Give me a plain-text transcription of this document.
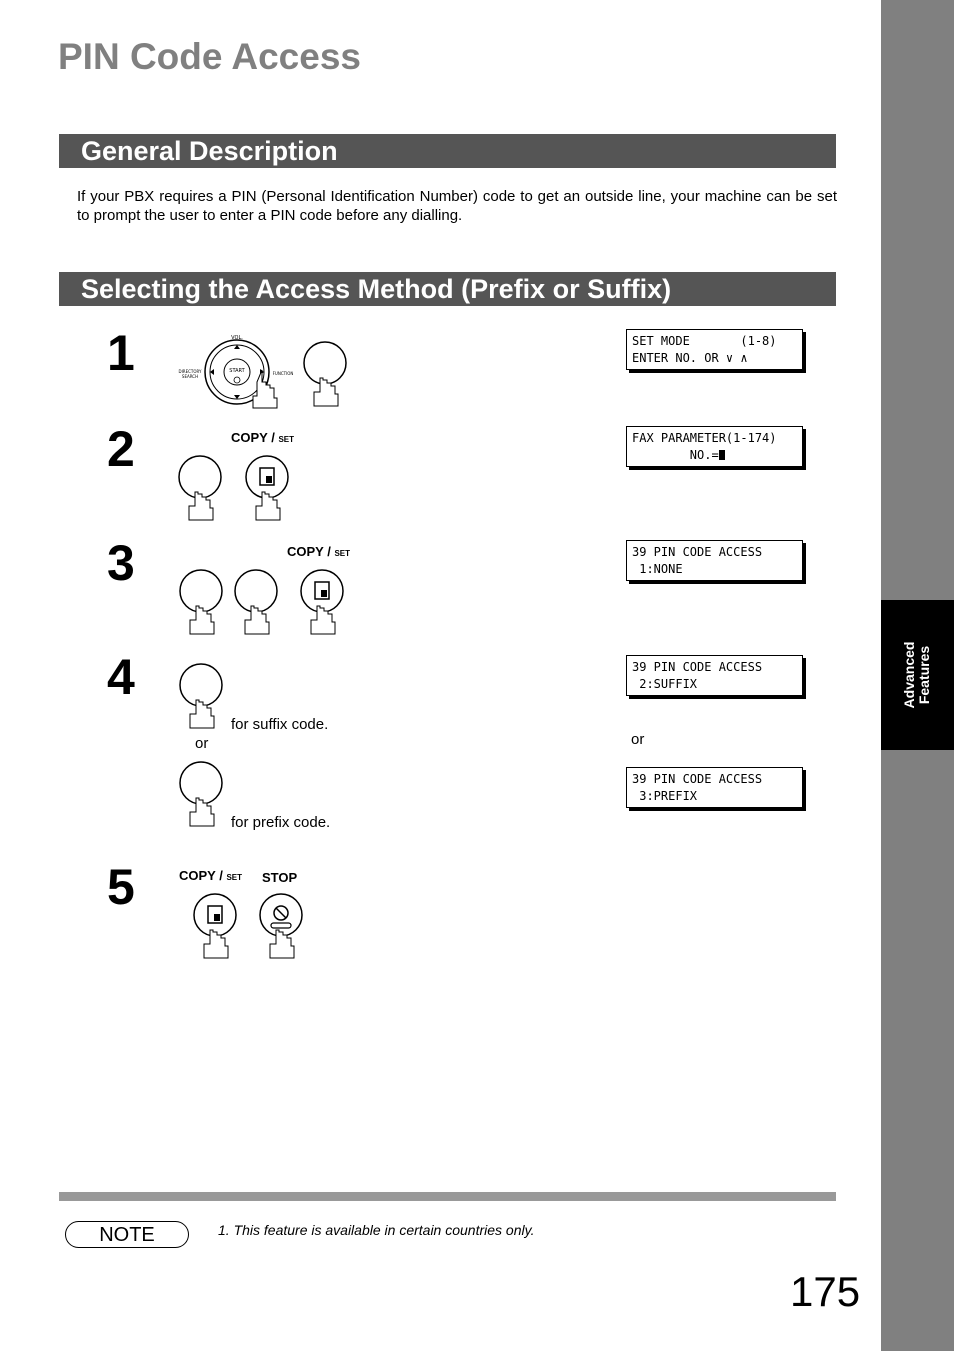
Advanced
Features
PIN Code Access
General Description

If your PBX requires a PIN (Personal Identification Number) code to get an outside line, your machine can be set to prompt the user to enter a PIN code before any dialling.

Selecting the Access Method (Prefix or Suffix)
1
2
3
4
5
START
VOL.
DIRECTORY
SEARCH
FUNCTION
COPY / SET
COPY / SET
for suffix code.
or
for prefix code.
COPY / SET STOP
SET MODE       (1-8)
ENTER NO. OR ∨ ∧
FAX PARAMETER(1-174)
NO.=
39 PIN CODE ACCESS
1:NONE
39 PIN CODE ACCESS
2:SUFFIX
or
39 PIN CODE ACCESS
3:PREFIX
NOTE	1. This feature is available in certain countries only.
175
